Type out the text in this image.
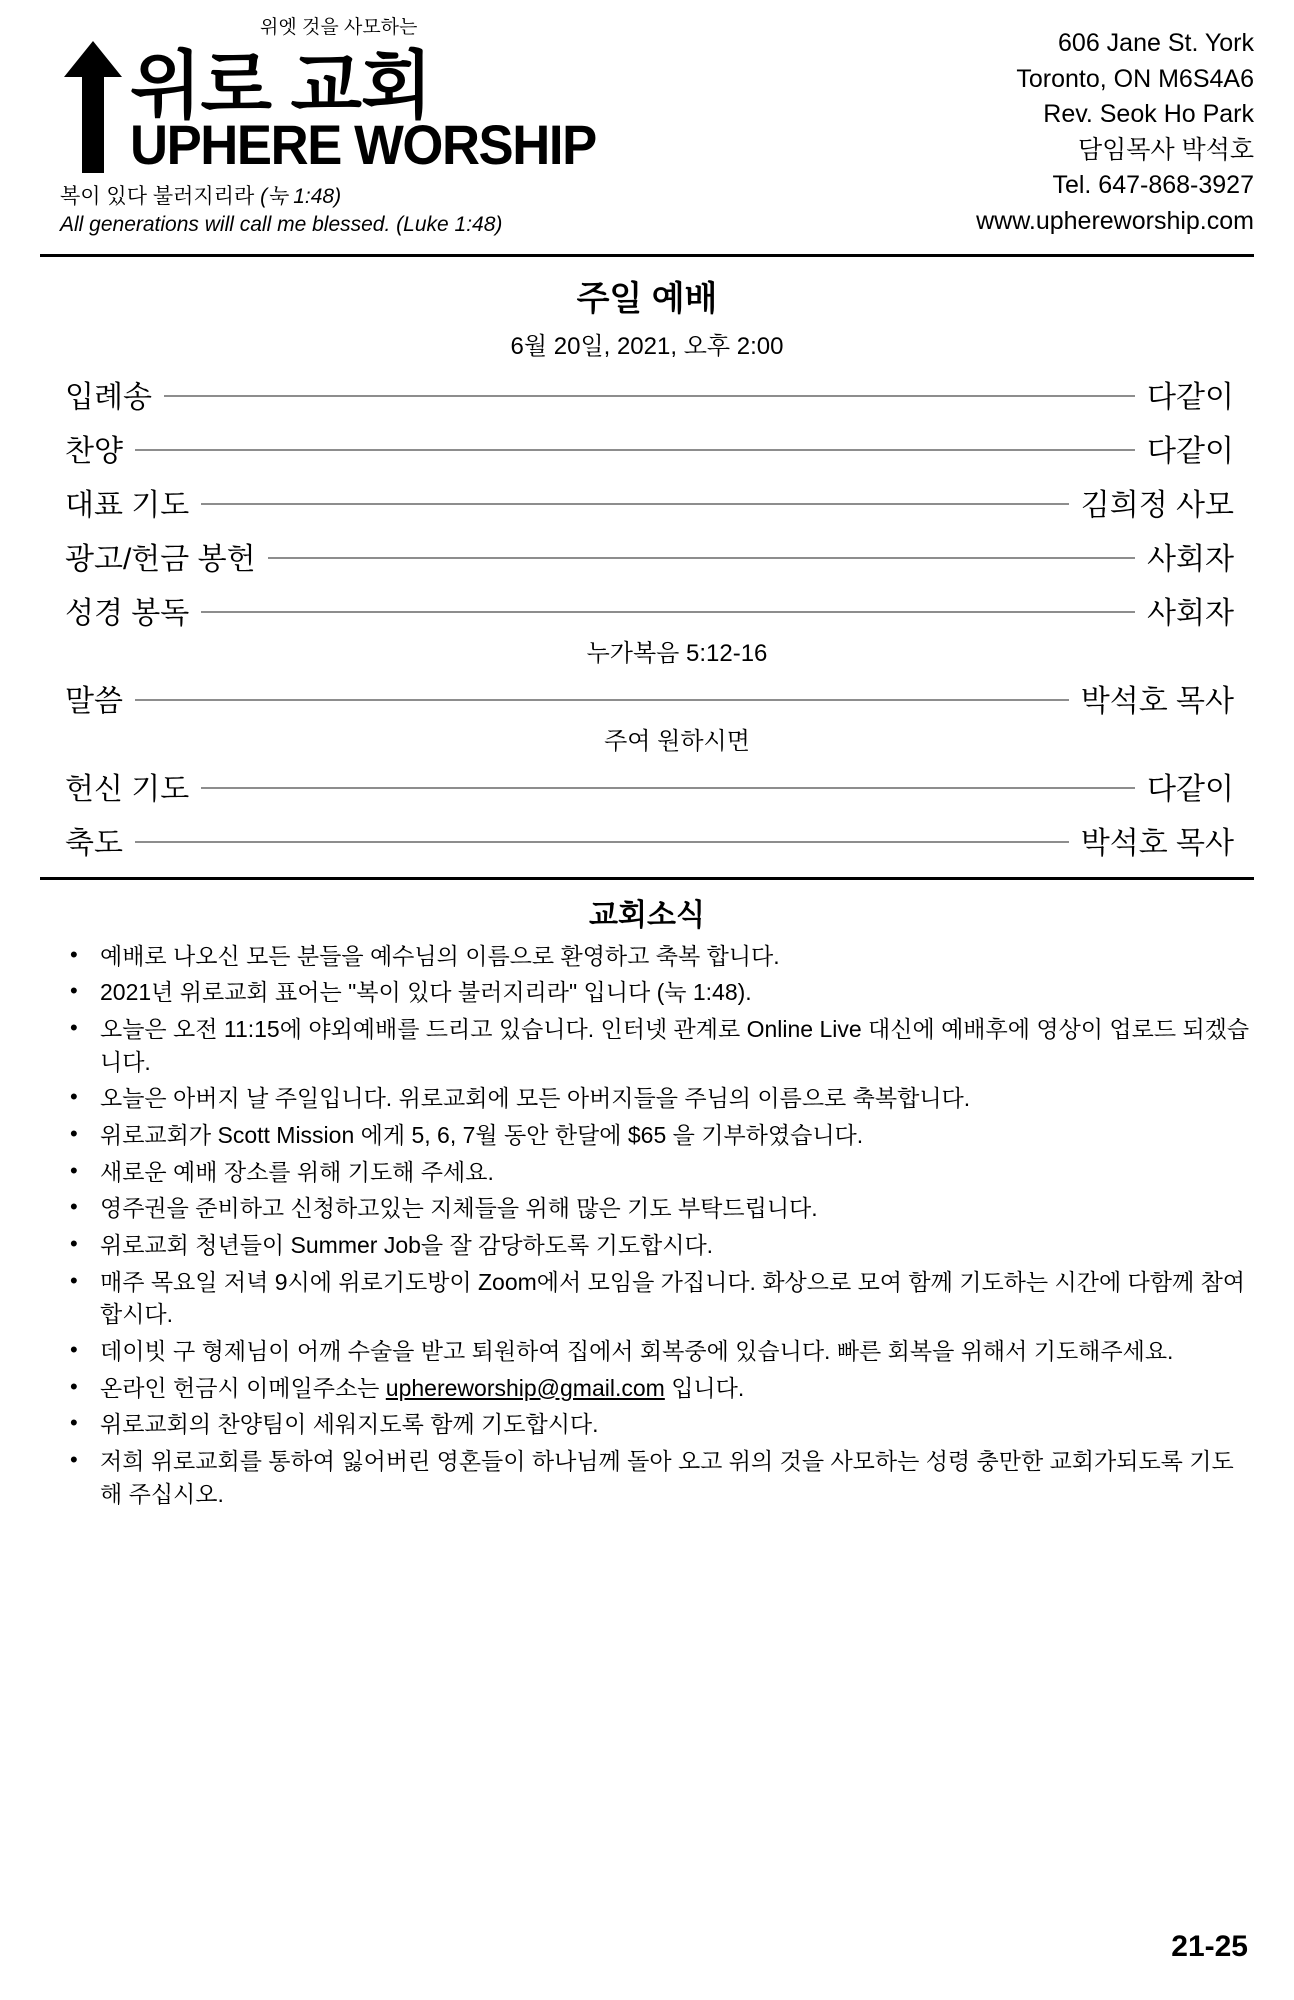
위엣 것을 사모하는
위로 교회
UPHERE WORSHIP
복이 있다 불러지리라 (눅 1:48)
All generations will call me blessed. (Luke 1:48)
606 Jane St. York
Toronto, ON M6S4A6
Rev. Seok Ho Park
담임목사 박석호
Tel. 647-868-3927
www.uphereworship.com
주일 예배
6월 20일, 2021, 오후 2:00
입례송	다같이
찬양	다같이
대표 기도	김희정 사모
광고/헌금 봉헌	사회자
성경 봉독	사회자
누가복음 5:12-16
말씀	박석호 목사
주여 원하시면
헌신 기도	다같이
축도	박석호 목사
교회소식
• 예배로 나오신 모든 분들을 예수님의 이름으로 환영하고 축복 합니다.
• 2021년 위로교회 표어는 "복이 있다 불러지리라" 입니다 (눅 1:48).
• 오늘은 오전 11:15에 야외예배를 드리고 있습니다. 인터넷 관계로 Online Live 대신에 예배후에 영상이 업로드 되겠습니다.
• 오늘은 아버지 날 주일입니다. 위로교회에 모든 아버지들을 주님의 이름으로 축복합니다.
• 위로교회가 Scott Mission 에게 5, 6, 7월 동안 한달에 $65 을 기부하였습니다.
• 새로운 예배 장소를 위해 기도해 주세요.
• 영주권을 준비하고 신청하고있는 지체들을 위해 많은 기도 부탁드립니다.
• 위로교회 청년들이 Summer Job을 잘 감당하도록 기도합시다.
• 매주 목요일 저녁 9시에 위로기도방이 Zoom에서 모임을 가집니다. 화상으로 모여 함께 기도하는 시간에 다함께 참여합시다.
• 데이빗 구 형제님이 어깨 수술을 받고 퇴원하여 집에서 회복중에 있습니다. 빠른 회복을 위해서 기도해주세요.
• 온라인 헌금시 이메일주소는 uphereworship@gmail.com 입니다.
• 위로교회의 찬양팀이 세워지도록 함께 기도합시다.
• 저희 위로교회를 통하여 잃어버린 영혼들이 하나님께 돌아 오고 위의 것을 사모하는 성령 충만한 교회가되도록 기도해 주십시오.
21-25
